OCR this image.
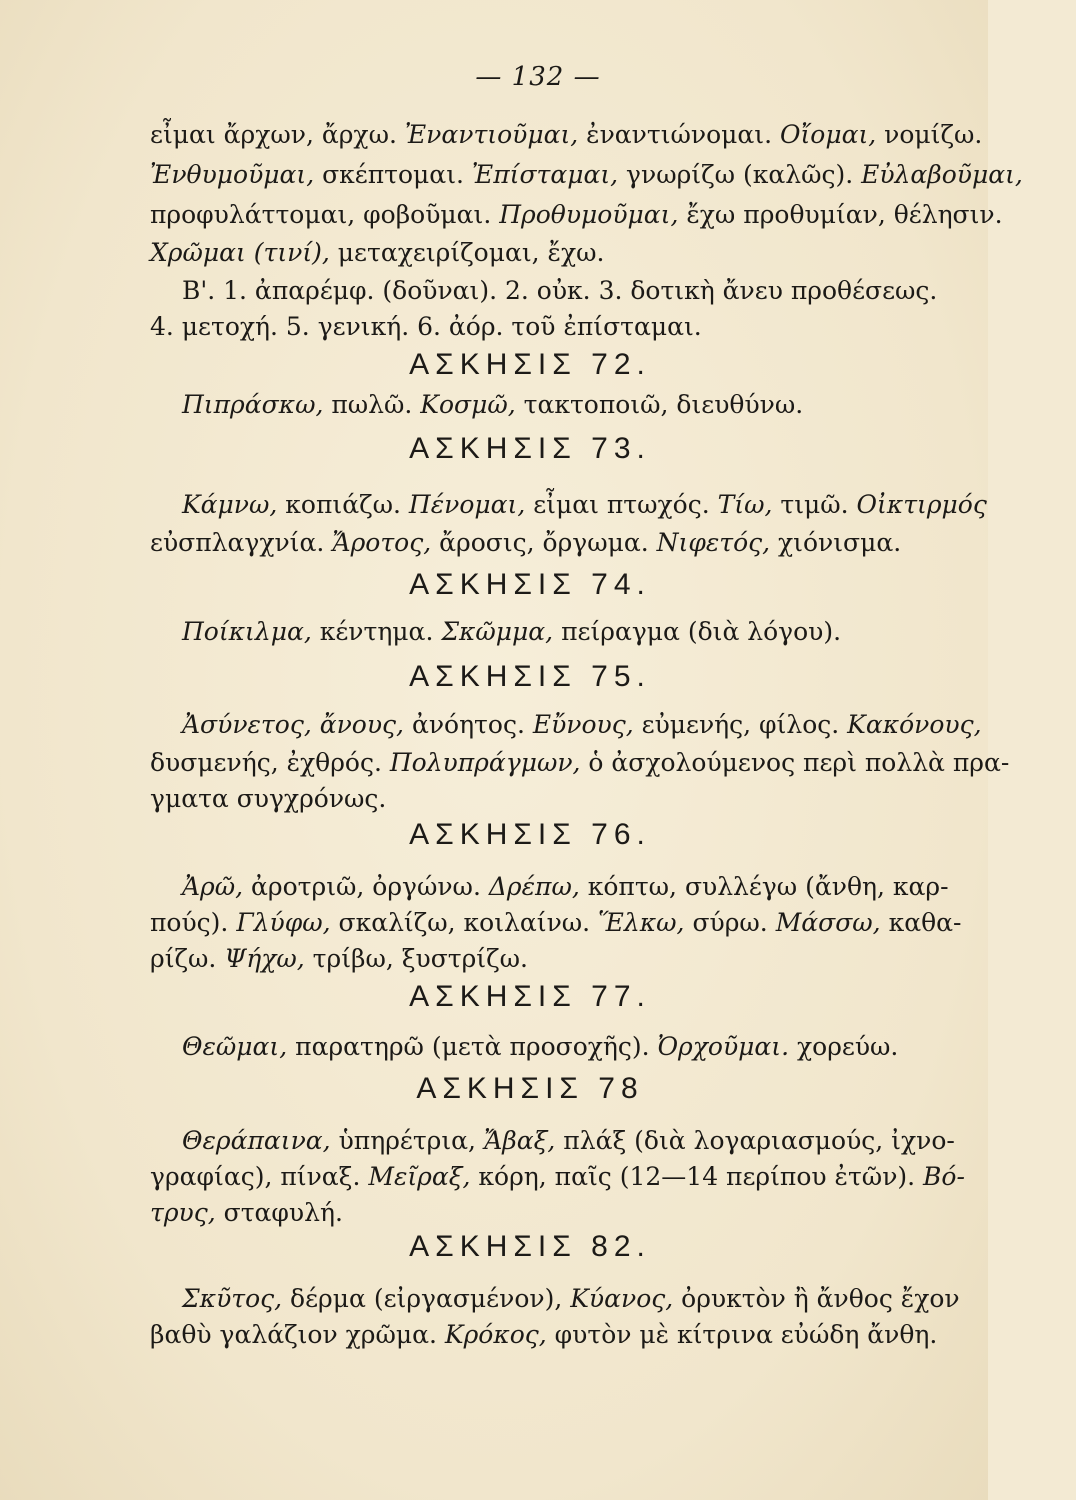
— 132 —
εἶμαι ἄρχων, ἄρχω. Ἐναντιοῦμαι, ἐναντιώνομαι. Οἴομαι, νομίζω.
Ἐνθυμοῦμαι, σκέπτομαι. Ἐπίσταμαι, γνωρίζω (καλῶς). Εὐλαβοῦμαι,
προφυλάττομαι, φοβοῦμαι. Προθυμοῦμαι, ἔχω προθυμίαν, θέλησιν.
Χρῶμαι (τινί), μεταχειρίζομαι, ἔχω.
Β'. 1. ἀπαρέμφ. (δοῦναι). 2. οὐκ. 3. δοτικὴ ἄνευ προθέσεως.
4. μετοχή. 5. γενική. 6. ἀόρ. τοῦ ἐπίσταμαι.
ΑΣΚΗΣΙΣ 72.
Πιπράσκω, πωλῶ. Κοσμῶ, τακτοποιῶ, διευθύνω.
ΑΣΚΗΣΙΣ 73.
Κάμνω, κοπιάζω. Πένομαι, εἶμαι πτωχός. Τίω, τιμῶ. Οἰκτιρμός
εὐσπλαγχνία. Ἄροτος, ἄροσις, ὄργωμα. Νιφετός, χιόνισμα.
ΑΣΚΗΣΙΣ 74.
Ποίκιλμα, κέντημα. Σκῶμμα, πείραγμα (διὰ λόγου).
ΑΣΚΗΣΙΣ 75.
Ἀσύνετος, ἄνους, ἀνόητος. Εὔνους, εὐμενής, φίλος. Κακόνους,
δυσμενής, ἐχθρός. Πολυπράγμων, ὁ ἀσχολούμενος περὶ πολλὰ πρα-
γματα συγχρόνως.
ΑΣΚΗΣΙΣ 76.
Ἀρῶ, ἀροτριῶ, ὀργώνω. Δρέπω, κόπτω, συλλέγω (ἄνθη, καρ-
πούς). Γλύφω, σκαλίζω, κοιλαίνω. Ἕλκω, σύρω. Μάσσω, καθα-
ρίζω. Ψήχω, τρίβω, ξυστρίζω.
ΑΣΚΗΣΙΣ 77.
Θεῶμαι, παρατηρῶ (μετὰ προσοχῆς). Ὀρχοῦμαι. χορεύω.
ΑΣΚΗΣΙΣ 78
Θεράπαινα, ὑπηρέτρια, Ἄβαξ, πλάξ (διὰ λογαριασμούς, ἰχνο-
γραφίας), πίναξ. Μεῖραξ, κόρη, παῖς (12—14 περίπου ἐτῶν). Βό-
τρυς, σταφυλή.
ΑΣΚΗΣΙΣ 82.
Σκῦτος, δέρμα (εἰργασμένον), Κύανος, ὀρυκτὸν ἢ ἄνθος ἔχον
βαθὺ γαλάζιον χρῶμα. Κρόκος, φυτὸν μὲ κίτρινα εὐώδη ἄνθη.
